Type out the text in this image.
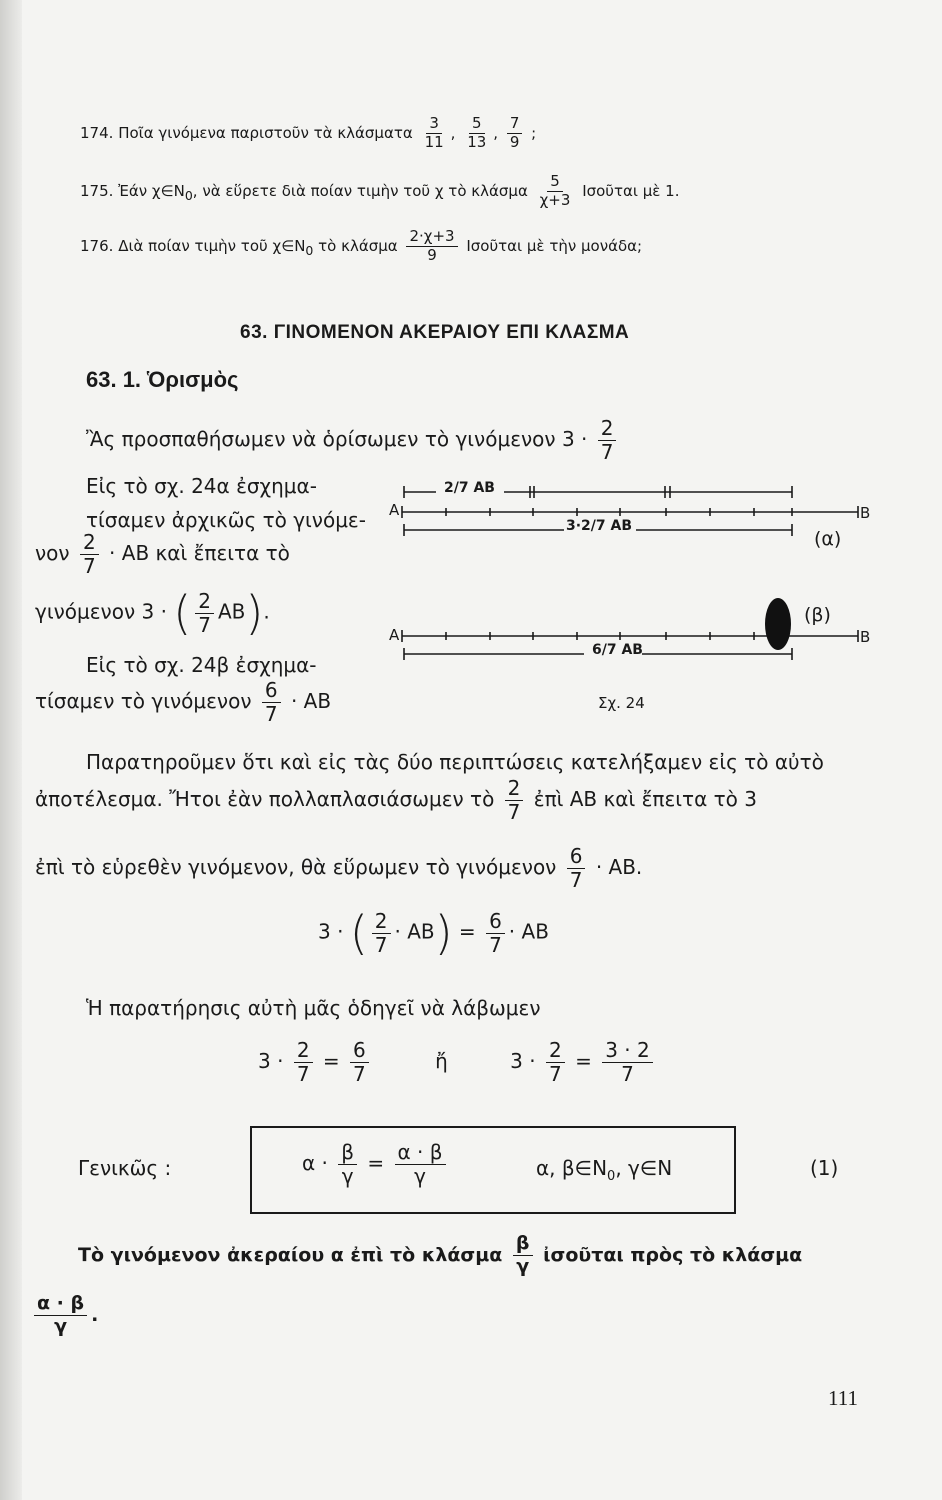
174. Ποῖα γινόμενα παριστοῦν τὰ κλάσματα $\frac{3}{11}$ , $\frac{5}{13}$ , $\frac{7}{9}$ ;
175. Ἐάν $\chi\in N_0$, νὰ εὕρετε διὰ ποίαν τιμὴν τοῦ χ τὸ κλάσμα $\frac{5}{\chi+3}$ Ισοῦται μὲ 1.
176. Διὰ ποίαν τιμὴν τοῦ $\chi\in N_0$ τὸ κλάσμα $\frac{2\cdot\chi+3}{9}$ Ισοῦται μὲ τὴν μονάδα;
63. ΓΙΝΟΜΕΝΟΝ ΑΚΕΡΑΙΟΥ ΕΠΙ ΚΛΑΣΜΑ
63. 1. Ὁρισμὸς
Ἂς προσπαθήσωμεν νὰ ὁρίσωμεν τὸ γινόμενον $3 \cdot \frac{2}{7}$
Εἰς τὸ σχ. 24α ἐσχημα-
τίσαμεν ἀρχικῶς τὸ γινόμε-
νον $\frac{2}{7} \cdot AB$ καὶ ἔπειτα τὸ
γινόμενον 3 · ( $\frac{2}{7} AB$).
Εἰς τὸ σχ. 24β ἐσχημα-
τίσαμεν τὸ γινόμενον $\frac{6}{7} \cdot AB$
2/7 ΑΒ
3·2/7 ΑΒ
6/7 ΑΒ
Α	Β
Α	Β
(α)
(β)
Σχ. 24
Παρατηροῦμεν ὅτι καὶ εἰς τὰς δύο περιπτώσεις κατελήξαμεν εἰς τὸ αὐτὸ
ἀποτέλεσμα. Ἤτοι ἐὰν πολλαπλασιάσωμεν τὸ $\frac{2}{7}$ ἐπὶ ΑΒ καὶ ἔπειτα τὸ 3
ἐπὶ τὸ εὑρεθὲν γινόμενον, θὰ εὕρωμεν τὸ γινόμενον $\frac{6}{7} \cdot AB$.
3 · ( $\frac{2}{7} \cdot AB) = \frac{6}{7} \cdot AB$
Ἡ παρατήρησις αὐτὴ μᾶς ὁδηγεῖ νὰ λάβωμεν
$3 \cdot \frac{2}{7} = \frac{6}{7}$	ἤ	$3 \cdot \frac{2}{7} = \frac{3 \cdot 2}{7}$
Γενικῶς :	$\alpha \cdot \frac{\beta}{\gamma} = \frac{\alpha \cdot \beta}{\gamma}$	α, $\beta\in N_0$, γ∈N	(1)
Τὸ γινόμενον ἀκεραίου α ἐπὶ τὸ κλάσμα $\frac{\beta}{\gamma}$ ἰσοῦται πρὸς τὸ κλάσμα
$\frac{\alpha \cdot \beta}{\gamma}$ .
111
